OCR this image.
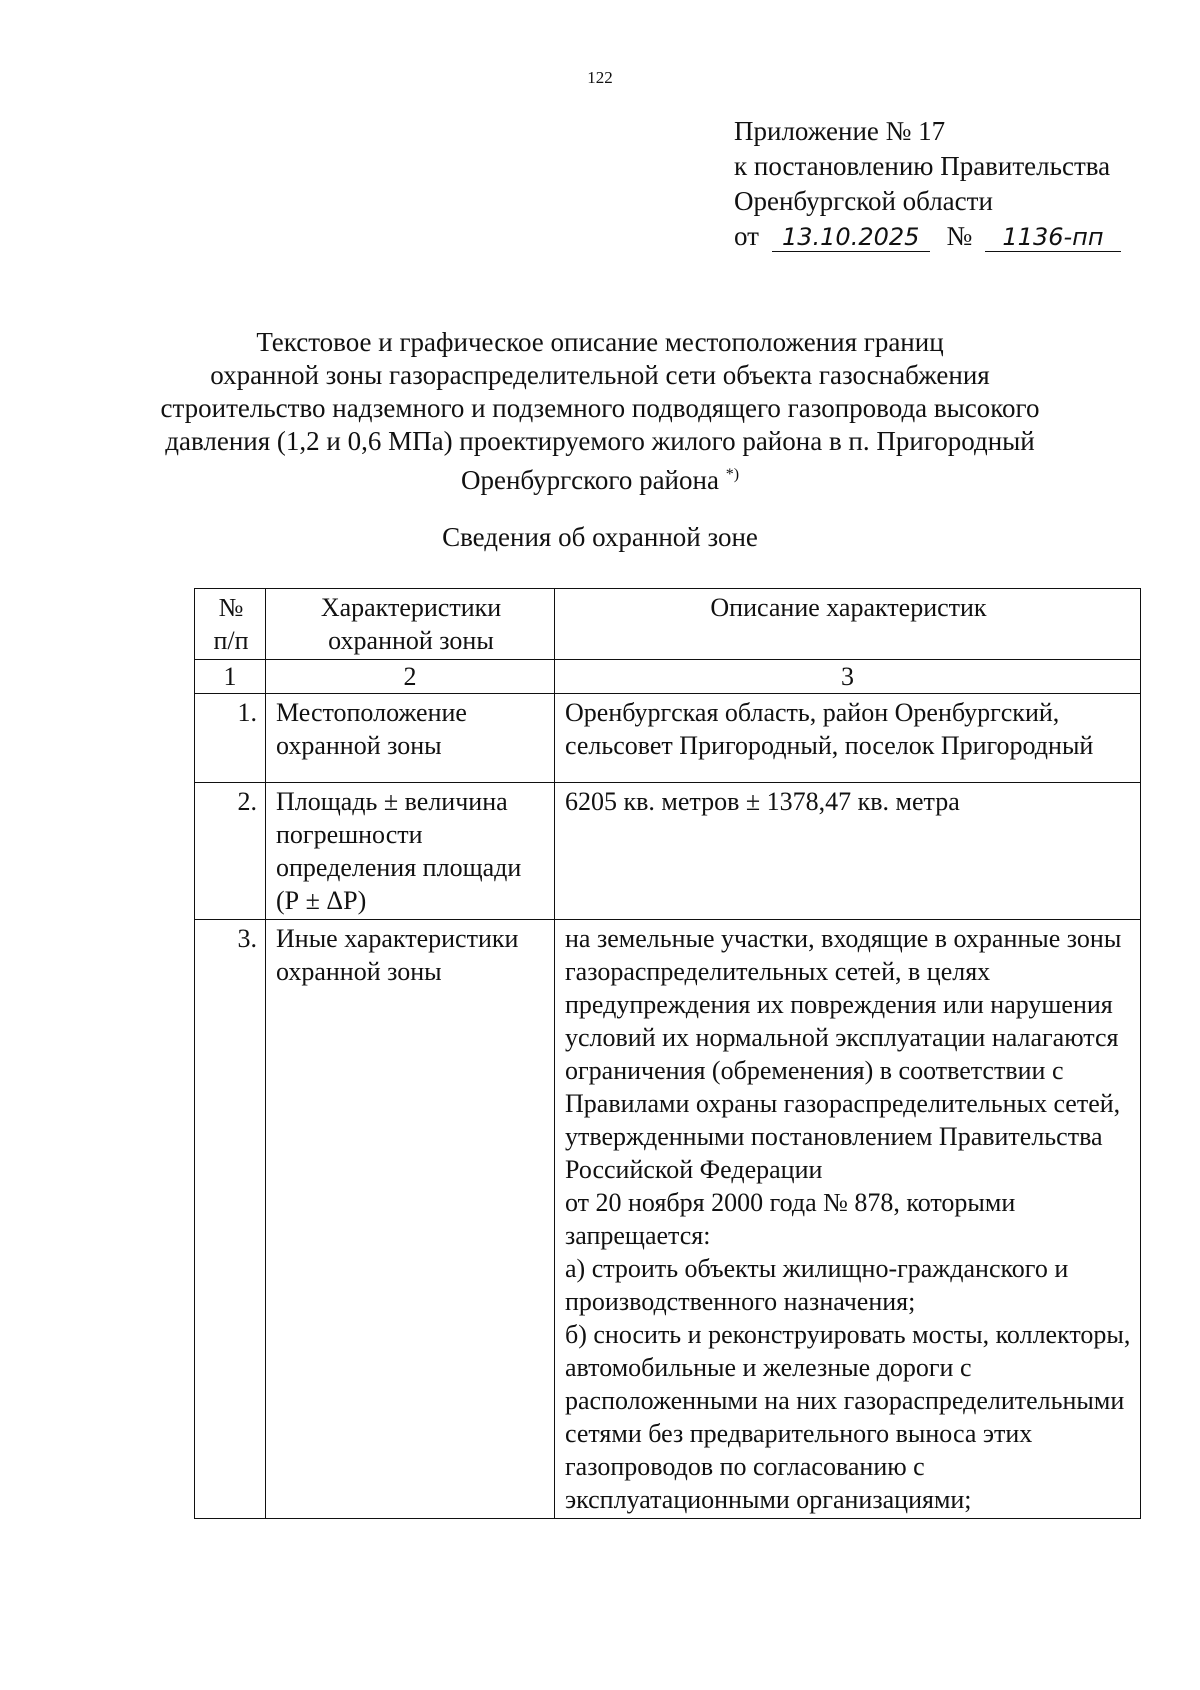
122
Приложение № 17
к постановлению Правительства
Оренбургской области
от 13.10.2025 № 1136-пп
Текстовое и графическое описание местоположения границ
охранной зоны газораспределительной сети объекта газоснабжения
строительство надземного и подземного подводящего газопровода высокого
давления (1,2 и 0,6 МПа) проектируемого жилого района в п. Пригородный
Оренбургского района *)
Сведения об охранной зоне
№ п/п	Характеристики охранной зоны	Описание характеристик
1	2	3
1.	Местоположение охранной зоны	Оренбургская область, район Оренбургский, сельсовет Пригородный, поселок Пригородный

2.	Площадь ± величина погрешности определения площади (Р ± ΔР)	6205 кв. метров ± 1378,47 кв. метра

3.	Иные характеристики охранной зоны	на земельные участки, входящие в охранные зоны газораспределительных сетей, в целях предупреждения их повреждения или нарушения условий их нормальной эксплуатации налагаются ограничения (обременения) в соответствии с Правилами охраны газораспределительных сетей, утвержденными постановлением Правительства Российской Федерации

от 20 ноября 2000 года № 878, которыми запрещается:

а) строить объекты жилищно-гражданского и производственного назначения;

б) сносить и реконструировать мосты, коллекторы, автомобильные и железные дороги с расположенными на них газораспределительными сетями без предварительного выноса этих газопроводов по согласованию с эксплуатационными организациями;
